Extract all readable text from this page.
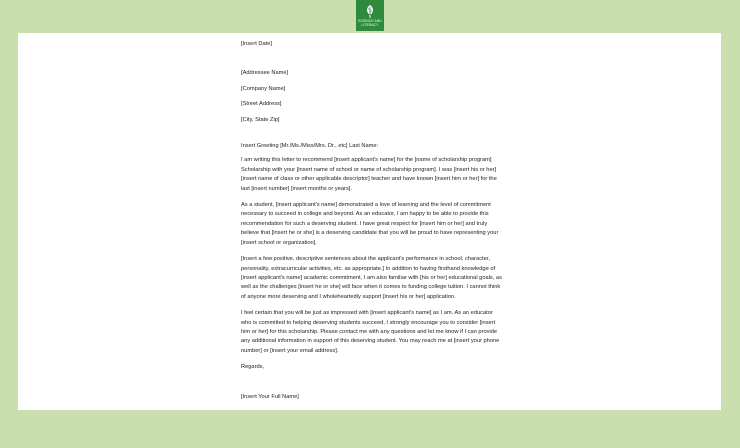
SCIENCE AND
LITERACY

[Insert Date]

[Addressee Name]

[Company Name]

[Street Address]

[City, State Zip]

Insert Greeting [Mr./Ms./Miss/Mrs. Dr., etc] Last Name:

I am writing this letter to recommend [insert applicant's name] for the [name of scholarship program]
Scholarship with your [insert name of school or name of scholarship program]. I was [insert his or her]
[insert name of class or other applicable descriptor] teacher and have known [insert him or her] for the
last [insert number] [insert months or years].
As a student, [insert applicant's name] demonstrated a love of learning and the level of commitment
necessary to succeed in college and beyond. As an educator, I am happy to be able to provide this
recommendation for such a deserving student. I have great respect for [insert him or her] and truly
believe that [insert he or she] is a deserving candidate that you will be proud to have representing your
[insert school or organization].
[Insert a few positive, descriptive sentences about the applicant's performance in school, character,
personality, extracurricular activities, etc. as appropriate.] In addition to having firsthand knowledge of
[insert applicant's name] academic commitment, I am also familiar with [his or her] educational goals, as
well as the challenges [insert he or she] will face when it comes to funding college tuition. I cannot think
of anyone more deserving and I wholeheartedly support [insert his or her] application.
I feel certain that you will be just as impressed with [insert applicant's name] as I am. As an educator
who is committed to helping deserving students succeed, I strongly encourage you to consider [insert
him or her] for this scholarship. Please contact me with any questions and let me know if I can provide
any additional information in support of this deserving student. You may reach me at [insert your phone
number] or [insert your email address].

Regards,

[Insert Your Full Name]
